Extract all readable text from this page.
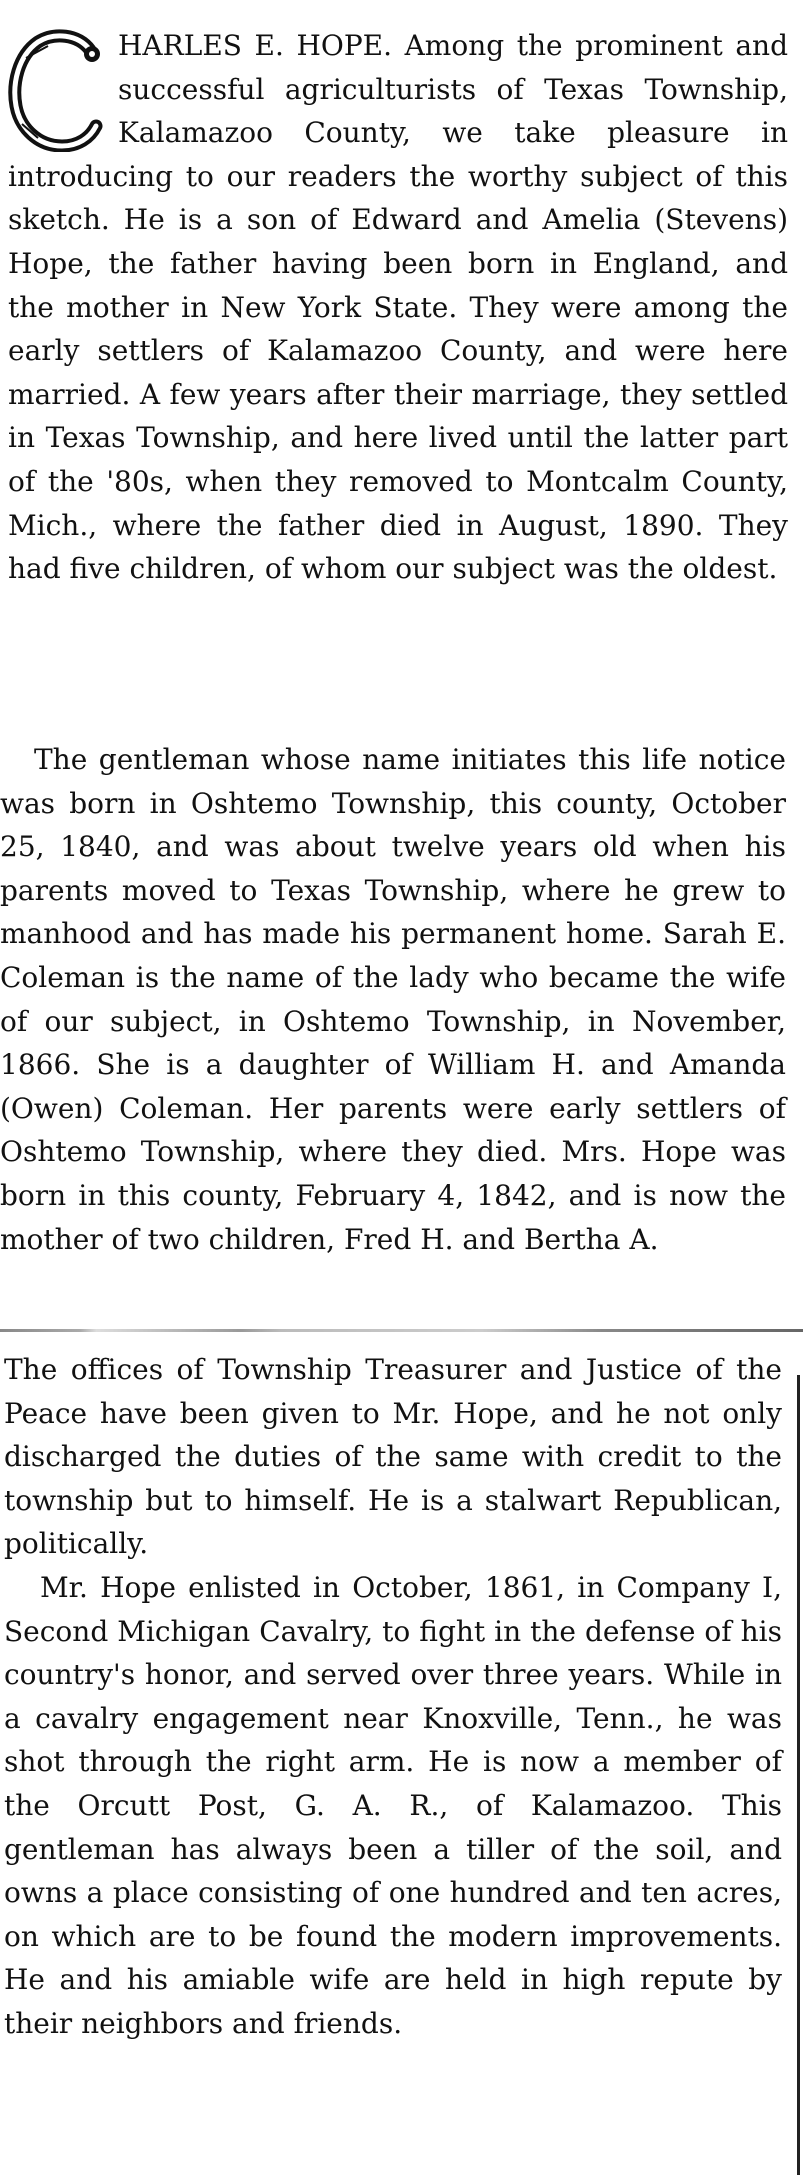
HARLES E. HOPE. Among the prominent and successful agriculturists of Texas Township, Kalamazoo County, we take pleasure in introducing to our readers the worthy subject of this sketch. He is a son of Edward and Amelia (Stevens) Hope, the father having been born in England, and the mother in New York State. They were among the early settlers of Kalamazoo County, and were here married. A few years after their marriage, they settled in Texas Township, and here lived until the latter part of the '80s, when they removed to Montcalm County, Mich., where the father died in August, 1890. They had five children, of whom our subject was the oldest.

The gentleman whose name initiates this life notice was born in Oshtemo Township, this county, October 25, 1840, and was about twelve years old when his parents moved to Texas Township, where he grew to manhood and has made his permanent home. Sarah E. Coleman is the name of the lady who became the wife of our subject, in Oshtemo Township, in November, 1866. She is a daughter of William H. and Amanda (Owen) Coleman. Her parents were early settlers of Oshtemo Township, where they died. Mrs. Hope was born in this county, February 4, 1842, and is now the mother of two children, Fred H. and Bertha A.

The offices of Township Treasurer and Justice of the Peace have been given to Mr. Hope, and he not only discharged the duties of the same with credit to the township but to himself. He is a stalwart Republican, politically.

Mr. Hope enlisted in October, 1861, in Company I, Second Michigan Cavalry, to fight in the defense of his country's honor, and served over three years. While in a cavalry engagement near Knoxville, Tenn., he was shot through the right arm. He is now a member of the Orcutt Post, G. A. R., of Kalamazoo. This gentleman has always been a tiller of the soil, and owns a place consisting of one hundred and ten acres, on which are to be found the modern improvements. He and his amiable wife are held in high repute by their neighbors and friends.
